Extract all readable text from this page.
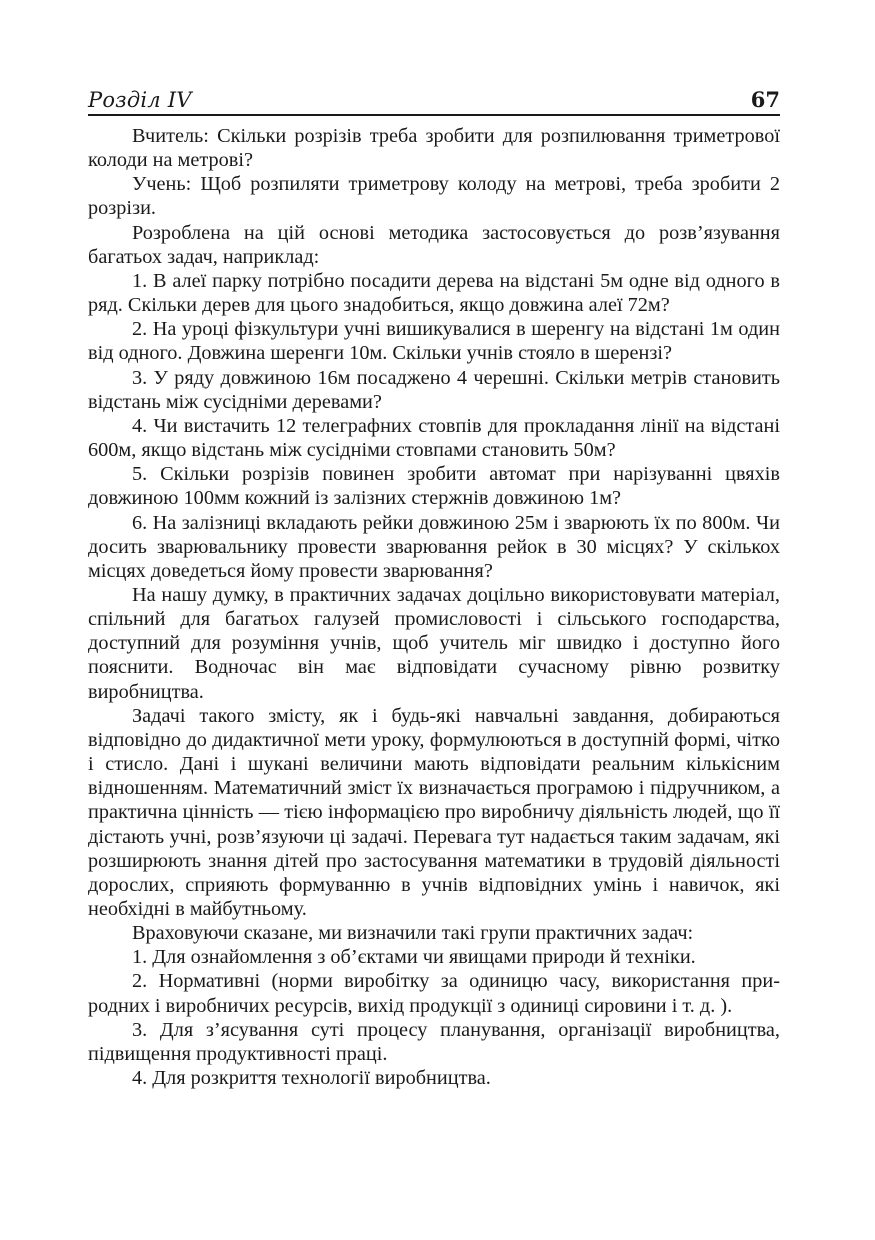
Розділ IV	67

Вчитель: Скільки розрізів треба зробити для розпилювання триметрової колоди на метрові?

Учень: Щоб розпиляти триметрову колоду на метрові, треба зробити 2 розрізи.

Розроблена на цій основі методика застосовується до розв’язування багатьох задач, наприклад:

1. В алеї парку потрібно посадити дерева на відстані 5м одне від одного в ряд. Скільки дерев для цього знадобиться, якщо довжина алеї 72м?

2. На уроці фізкультури учні вишикувалися в шеренгу на відстані 1м один від одного. Довжина шеренги 10м. Скільки учнів стояло в шерензі?

3. У ряду довжиною 16м посаджено 4 черешні. Скільки метрів становить відстань між сусідніми деревами?

4. Чи вистачить 12 телеграфних стовпів для прокладання лінії на відстані 600м, якщо відстань між сусідніми стовпами становить 50м?

5. Скільки розрізів повинен зробити автомат при нарізуванні цвяхів довжиною 100мм кожний із залізних стержнів довжиною 1м?

6. На залізниці вкладають рейки довжиною 25м і зварюють їх по 800м. Чи досить зварювальнику провести зварювання рейок в 30 місцях? У скількох місцях доведеться йому провести зварювання?

На нашу думку, в практичних задачах доцільно використовувати матеріал, спільний для багатьох галузей промисловості і сільського господарства, доступний для розуміння учнів, щоб учитель міг швидко і доступно його пояснити. Водночас він має відповідати сучасному рівню розвитку виробництва.

Задачі такого змісту, як і будь-які навчальні завдання, добираються відповідно до дидактичної мети уроку, формулюються в доступній формі, чітко і стисло. Дані і шукані величини мають відповідати реальним кількісним відношенням. Математичний зміст їх визначається програмою і підручником, а практична цінність — тією інформацією про виробничу діяльність людей, що її дістають учні, розв’язуючи ці задачі. Перевага тут надається таким задачам, які розширюють знання дітей про застосування математики в трудовій діяльності дорослих, сприяють формуванню в учнів відповідних умінь і навичок, які необхідні в майбутньому.

Враховуючи сказане, ми визначили такі групи практичних задач:

1. Для ознайомлення з об’єктами чи явищами природи й техніки.

2. Нормативні (норми виробітку за одиницю часу, використання природних і виробничих ресурсів, вихід продукції з одиниці сировини і т. д. ).

3. Для з’ясування суті процесу планування, організації виробництва, підвищення продуктивності праці.

4. Для розкриття технології виробництва.
